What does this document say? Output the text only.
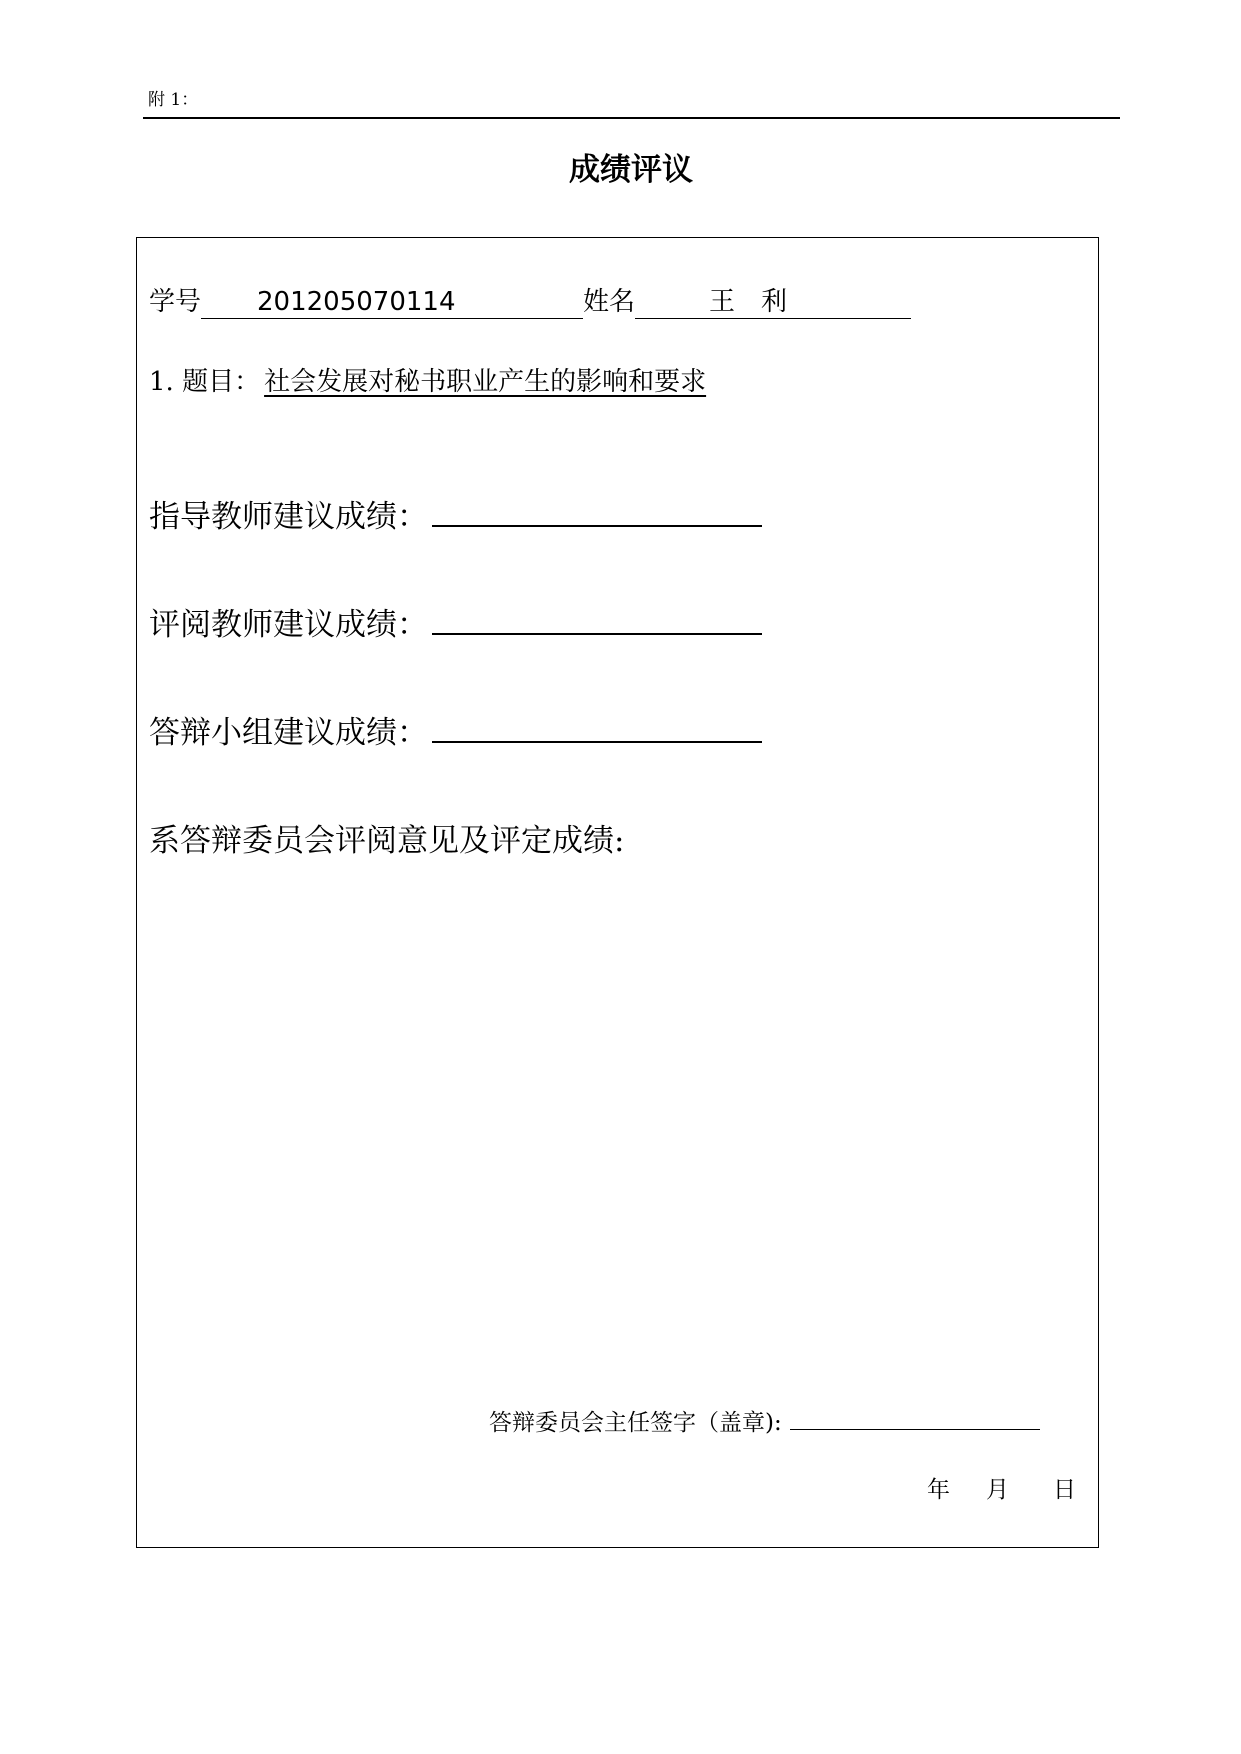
附 1：
成绩评议
学号 201205070114	姓名	王　利
1. 题目： 社会发展对秘书职业产生的影响和要求
指导教师建议成绩：
评阅教师建议成绩：
答辩小组建议成绩：
系答辩委员会评阅意见及评定成绩:
答辩委员会主任签字（盖章):
年 月 日
